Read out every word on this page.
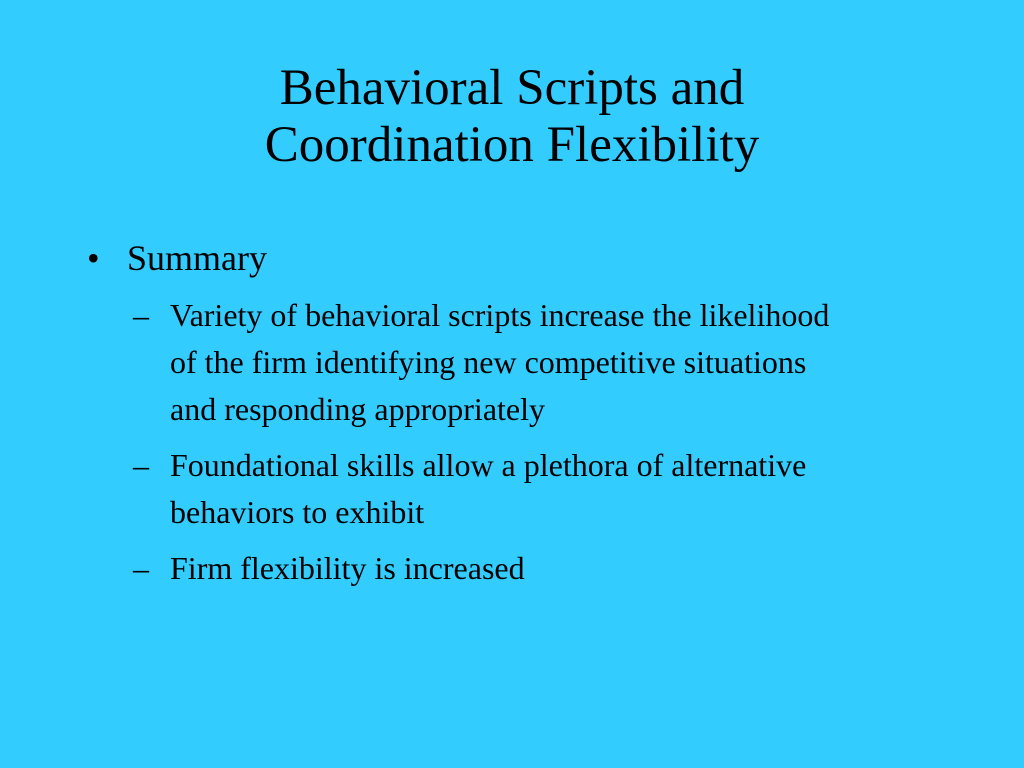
Behavioral Scripts and
Coordination Flexibility
• Summary
– Variety of behavioral scripts increase the likelihood of the firm identifying new competitive situations and responding appropriately
– Foundational skills allow a plethora of alternative behaviors to exhibit
– Firm flexibility is increased
